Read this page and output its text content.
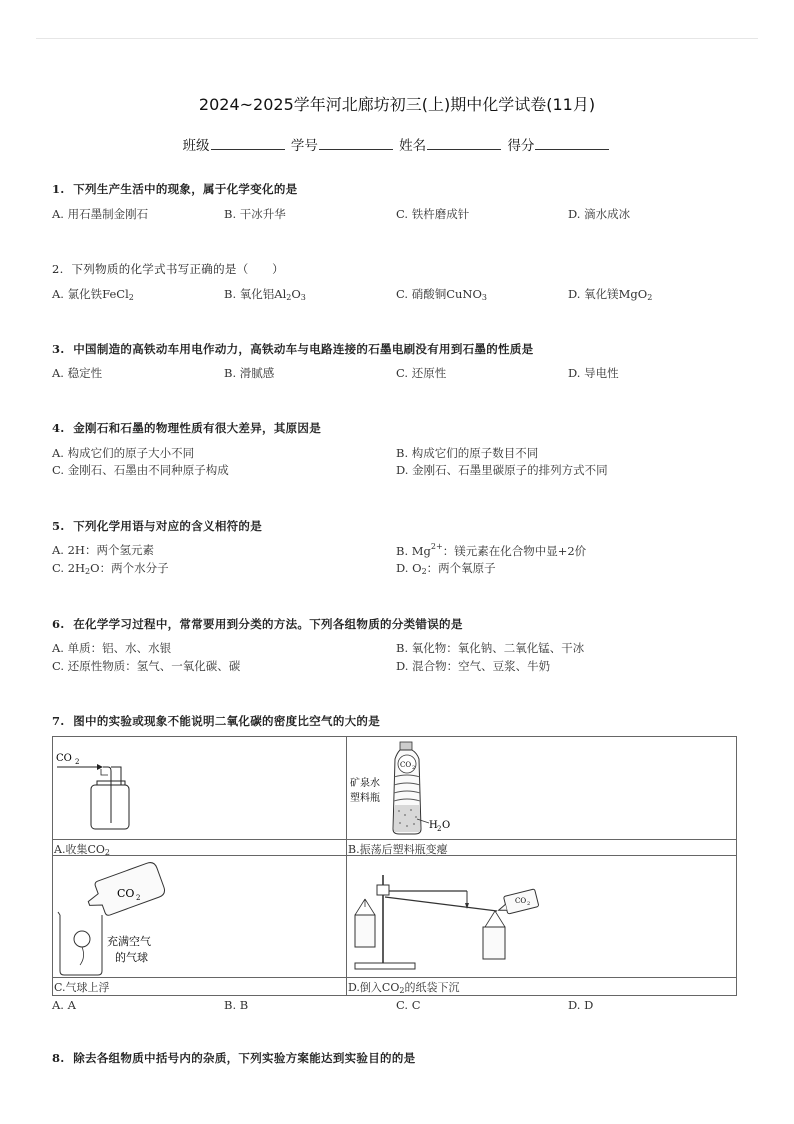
2024~2025学年河北廊坊初三(上)期中化学试卷(11月)
班级	学号	姓名	得分
1. 下列生产生活中的现象，属于化学变化的是
A. 用石墨制金刚石	B. 干冰升华	C. 铁杵磨成针	D. 滴水成冰
2. 下列物质的化学式书写正确的是（　　）
A. 氯化铁FeCl$_2$	B. 氧化铝$Al_2O_3$	C. 硝酸铜CuNO$_3$	D. 氧化镁MgO$_2$
3. 中国制造的高铁动车用电作动力，高铁动车与电路连接的石墨电刷没有用到石墨的性质是
A. 稳定性	B. 滑腻感	C. 还原性	D. 导电性
4. 金刚石和石墨的物理性质有很大差异，其原因是
A. 构成它们的原子大小不同	B. 构成它们的原子数目不同
C. 金刚石、石墨由不同种原子构成	D. 金刚石、石墨里碳原子的排列方式不同
5. 下列化学用语与对应的含义相符的是
A. 2H：两个氢元素	B. $Mg^{2+}$：镁元素在化合物中显+2价
C. $2H_2O$：两个水分子	D. $O_2$：两个氧原子
6. 在化学学习过程中，常常要用到分类的方法。下列各组物质的分类错误的是
A. 单质：铝、水、水银	B. 氧化物：氧化钠、二氧化锰、干冰
C. 还原性物质：氢气、一氧化碳、碳	D. 混合物：空气、豆浆、牛奶
7. 图中的实验或现象不能说明二氧化碳的密度比空气的大的是
CO 2	CO 2
矿泉水
塑料瓶
H 2 O
A.收集$CO_2$	B.振荡后塑料瓶变瘪
CO 2
充满空气
的气球
CO 2
C.气球上浮	D.倒入$CO_2$的纸袋下沉
A. A	B. B	C. C	D. D
8. 除去各组物质中括号内的杂质，下列实验方案能达到实验目的的是
